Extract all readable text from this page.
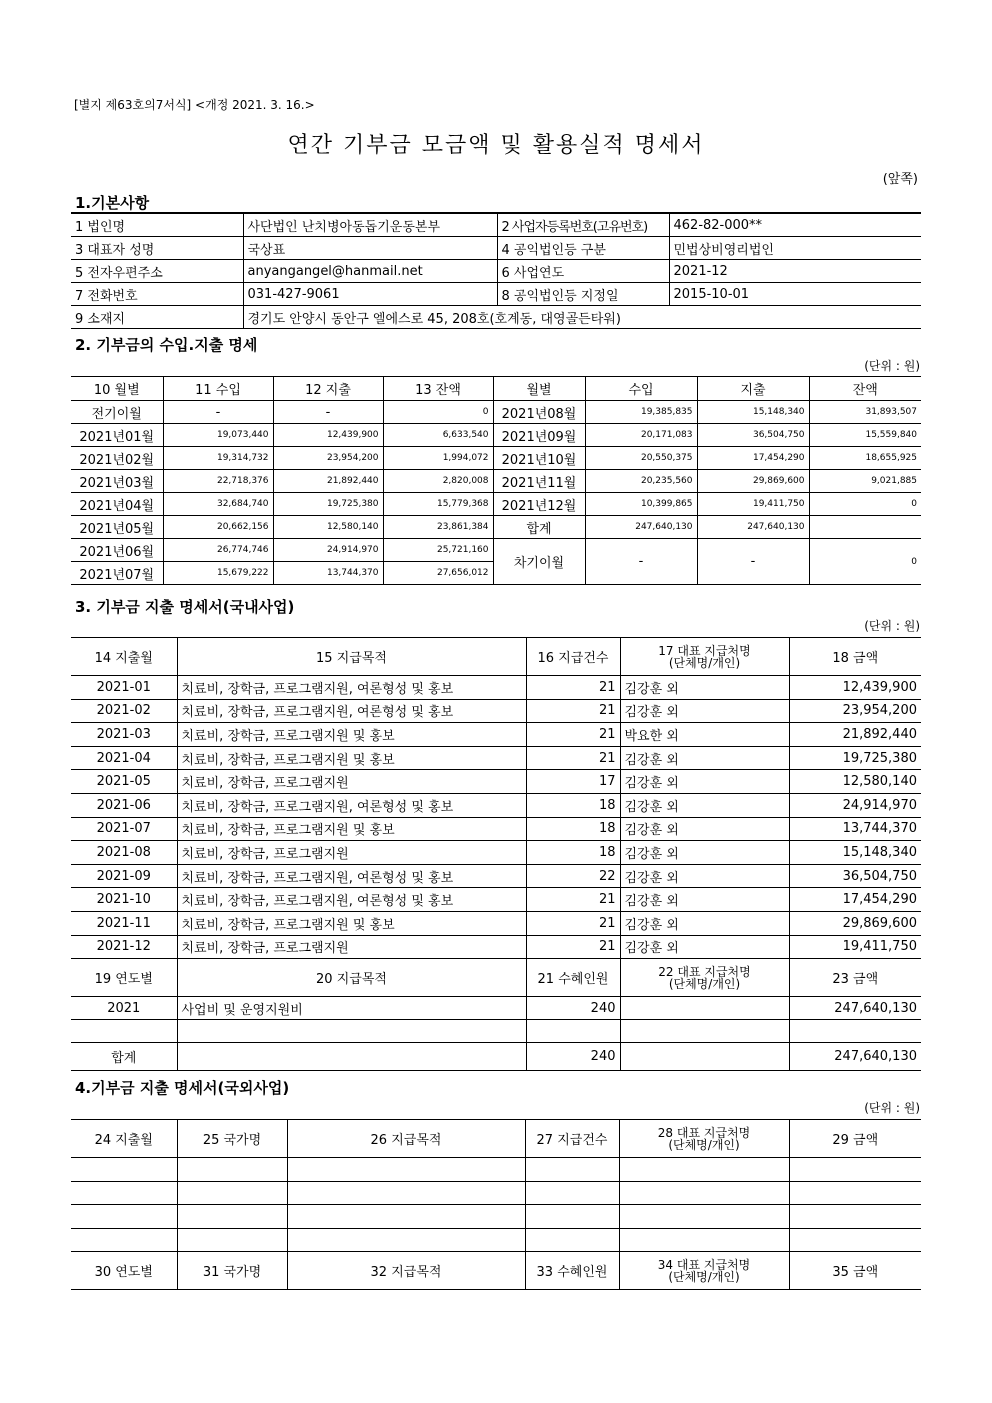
[별지 제63호의7서식] <개정 2021. 3. 16.>
연간 기부금 모금액 및 활용실적 명세서
(앞쪽)
1.기본사항
1 법인명	사단법인 난치병아동돕기운동본부	2 사업자등록번호(고유번호)	462-82-000**
3 대표자 성명	국상표	4 공익법인등 구분	민법상비영리법인
5 전자우편주소	anyangangel@hanmail.net	6 사업연도	2021-12
7 전화번호	031-427-9061	8 공익법인등 지정일	2015-10-01
9 소재지	경기도 안양시 동안구 엘에스로 45, 208호(호계동, 대영골든타워)		
2. 기부금의 수입.지출 명세
(단위 : 원)
10 월별	11 수입	12 지출	13 잔액	월별	수입	지출	잔액
전기이월	-	-	0	2021년08월	19,385,835	15,148,340	31,893,507
2021년01월	19,073,440	12,439,900	6,633,540	2021년09월	20,171,083	36,504,750	15,559,840
2021년02월	19,314,732	23,954,200	1,994,072	2021년10월	20,550,375	17,454,290	18,655,925
2021년03월	22,718,376	21,892,440	2,820,008	2021년11월	20,235,560	29,869,600	9,021,885
2021년04월	32,684,740	19,725,380	15,779,368	2021년12월	10,399,865	19,411,750	0
2021년05월	20,662,156	12,580,140	23,861,384	합계	247,640,130	247,640,130	
2021년06월	26,774,746	24,914,970	25,721,160	차기이월	-	-	0
2021년07월	15,679,222	13,744,370	27,656,012				
3. 기부금 지출 명세서(국내사업)
(단위 : 원)
14 지출월	15 지급목적	16 지급건수	17 대표 지급처명
(단체명/개인)	18 금액
2021-01	치료비, 장학금, 프로그램지원, 여론형성 및 홍보	21	김강훈 외	12,439,900
2021-02	치료비, 장학금, 프로그램지원, 여론형성 및 홍보	21	김강훈 외	23,954,200
2021-03	치료비, 장학금, 프로그램지원 및 홍보	21	박요한 외	21,892,440
2021-04	치료비, 장학금, 프로그램지원 및 홍보	21	김강훈 외	19,725,380
2021-05	치료비, 장학금, 프로그램지원	17	김강훈 외	12,580,140
2021-06	치료비, 장학금, 프로그램지원, 여론형성 및 홍보	18	김강훈 외	24,914,970
2021-07	치료비, 장학금, 프로그램지원 및 홍보	18	김강훈 외	13,744,370
2021-08	치료비, 장학금, 프로그램지원	18	김강훈 외	15,148,340
2021-09	치료비, 장학금, 프로그램지원, 여론형성 및 홍보	22	김강훈 외	36,504,750
2021-10	치료비, 장학금, 프로그램지원, 여론형성 및 홍보	21	김강훈 외	17,454,290
2021-11	치료비, 장학금, 프로그램지원 및 홍보	21	김강훈 외	29,869,600
2021-12	치료비, 장학금, 프로그램지원	21	김강훈 외	19,411,750
19 연도별	20 지급목적	21 수혜인원	22 대표 지급처명
(단체명/개인)	23 금액
2021	사업비 및 운영지원비	240		247,640,130

합계		240		247,640,130
4.기부금 지출 명세서(국외사업)
(단위 : 원)
24 지출월	25 국가명	26 지급목적	27 지급건수	28 대표 지급처명
(단체명/개인)	29 금액

30 연도별	31 국가명	32 지급목적	33 수혜인원	34 대표 지급처명
(단체명/개인)	35 금액
